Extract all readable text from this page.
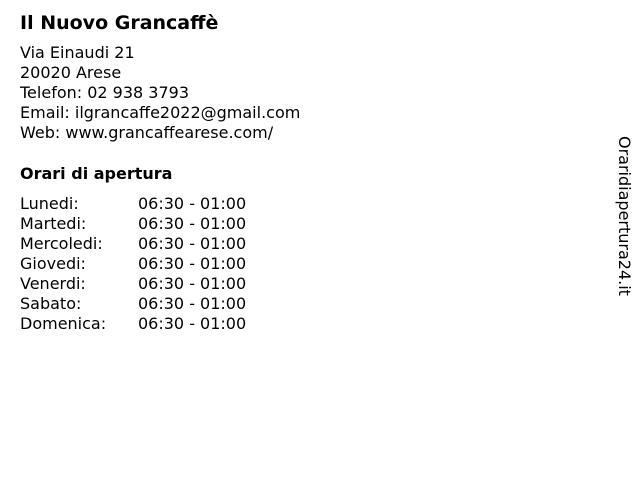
Il Nuovo Grancaffè
Via Einaudi 21
20020 Arese
Telefon: 02 938 3793
Email: ilgrancaffe2022@gmail.com
Web: www.grancaffearese.com/
Orari di apertura
Lunedi:	06:30 - 01:00
Martedi:	06:30 - 01:00
Mercoledi:	06:30 - 01:00
Giovedi:	06:30 - 01:00
Venerdi:	06:30 - 01:00
Sabato:	06:30 - 01:00
Domenica:	06:30 - 01:00
Oraridiapertura24.it
